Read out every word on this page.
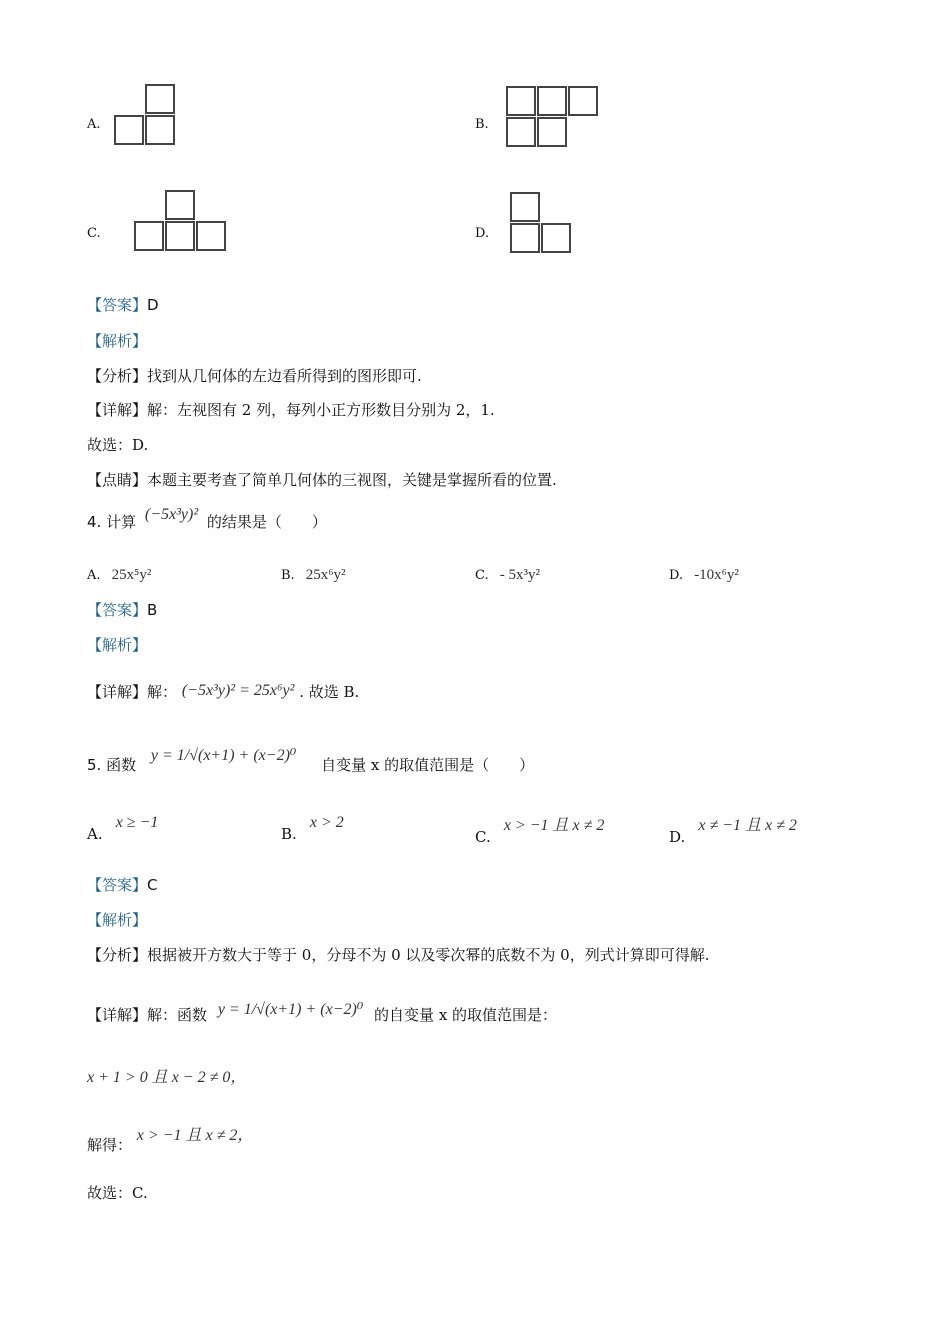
A.	B.
C.	D.
【答案】D
【解析】
【分析】找到从几何体的左边看所得到的图形即可.
【详解】解：左视图有 2 列，每列小正方形数目分别为 2，1.
故选：D.
【点睛】本题主要考查了简单几何体的三视图，关键是掌握所看的位置.
4. 计算 (−5x³y)² 的结果是（　　）
A. 25x⁵y²	B. 25x⁶y²	C. - 5x³y²	D. -10x⁶y²
【答案】B
【解析】
【详解】解： (−5x³y)² = 25x⁶y² . 故选 B.
5. 函数 y = 1/√(x+1) + (x−2)⁰ 自变量 x 的取值范围是（　　）
A. x ≥ −1
B. x > 2
C. x > −1 且 x ≠ 2
D. x ≠ −1 且 x ≠ 2
【答案】C
【解析】
【分析】根据被开方数大于等于 0，分母不为 0 以及零次幂的底数不为 0，列式计算即可得解.
【详解】解：函数 y = 1/√(x+1) + (x−2)⁰ 的自变量 x 的取值范围是：
x + 1 > 0 且 x − 2 ≠ 0，
解得： x > −1 且 x ≠ 2，
故选：C.
